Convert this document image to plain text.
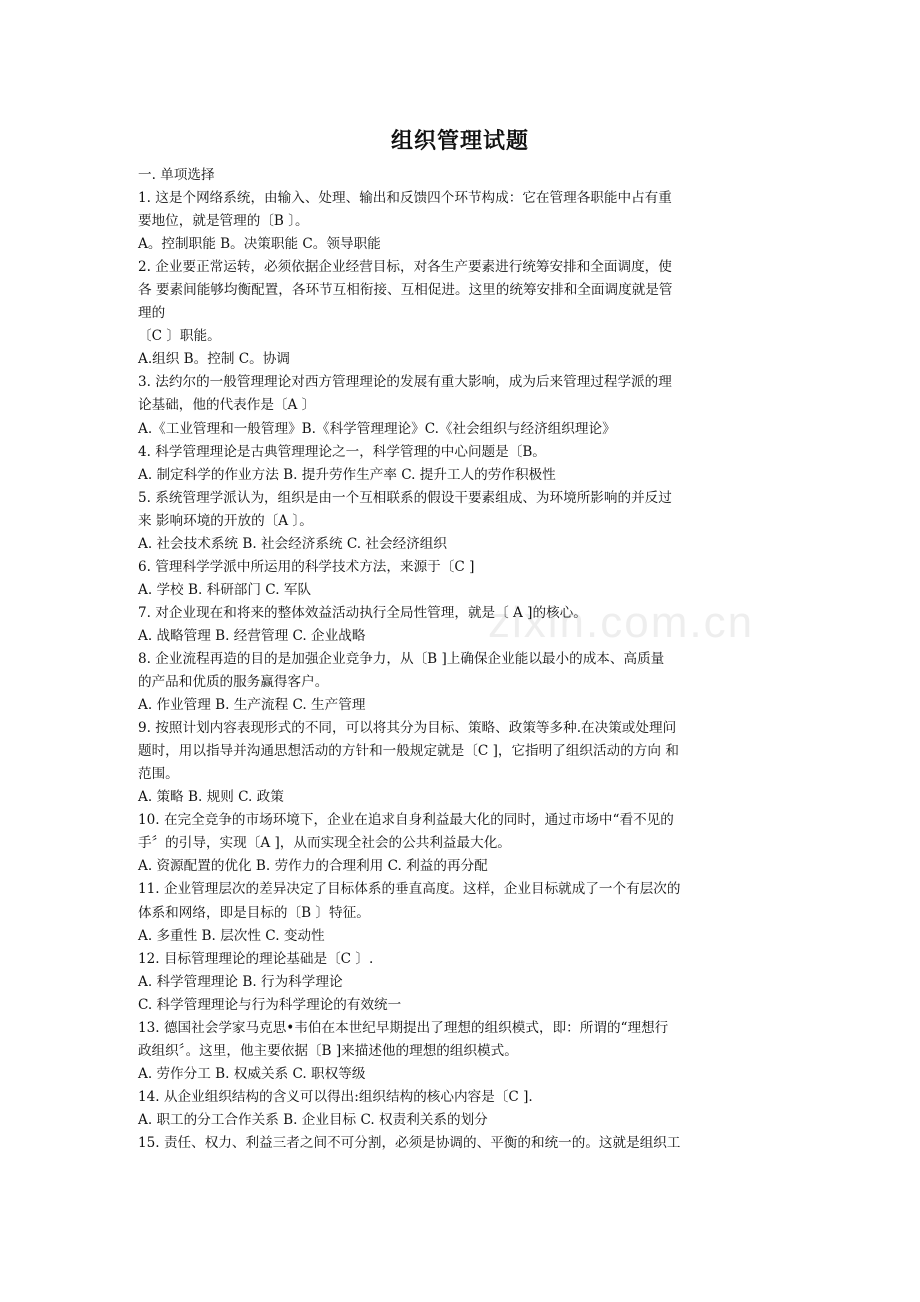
组织管理试题
zixin.com.cn
一. 单项选择
1. 这是个网络系统，由输入、处理、输出和反馈四个环节构成：它在管理各职能中占有重
要地位，就是管理的〔B 〕。
A。控制职能 B。决策职能 C。领导职能
2. 企业要正常运转，必须依据企业经营目标，对各生产要素进行统筹安排和全面调度，使
各 要素间能够均衡配置，各环节互相衔接、互相促进。这里的统筹安排和全面调度就是管
理的
〔C 〕职能。
A.组织 B。控制 C。协调
3. 法约尔的一般管理理论对西方管理理论的发展有重大影响，成为后来管理过程学派的理
论基础，他的代表作是〔A 〕
A.《工业管理和一般管理》B.《科学管理理论》C.《社会组织与经济组织理论》
4. 科学管理理论是古典管理理论之一，科学管理的中心问题是〔B。
A. 制定科学的作业方法 B. 提升劳作生产率 C. 提升工人的劳作积极性
5. 系统管理学派认为，组织是由一个互相联系的假设干要素组成、为环境所影响的并反过
来 影响环境的开放的〔A 〕。
A. 社会技术系统 B. 社会经济系统 C. 社会经济组织
6. 管理科学学派中所运用的科学技术方法，来源于〔C ]
A. 学校 B. 科研部门 C. 军队
7. 对企业现在和将来的整体效益活动执行全局性管理，就是〔 A ]的核心。
A. 战略管理 B. 经营管理 C. 企业战略
8. 企业流程再造的目的是加强企业竞争力，从〔B ]上确保企业能以最小的成本、高质量
的产品和优质的服务赢得客户。
A. 作业管理 B. 生产流程 C. 生产管理
9. 按照计划内容表现形式的不同，可以将其分为目标、策略、政策等多种.在决策或处理问
题时，用以指导并沟通思想活动的方针和一般规定就是〔C ]，它指明了组织活动的方向 和
范围。
A. 策略 B. 规则 C. 政策
10. 在完全竞争的市场环境下，企业在追求自身利益最大化的同时，通过市场中“看不见的
手〞的引导，实现〔A ]，从而实现全社会的公共利益最大化。
A. 资源配置的优化 B. 劳作力的合理利用 C. 利益的再分配
11. 企业管理层次的差异决定了目标体系的垂直高度。这样，企业目标就成了一个有层次的
体系和网络，即是目标的〔B 〕特征。
A. 多重性 B. 层次性 C. 变动性
12. 目标管理理论的理论基础是〔C 〕.
A. 科学管理理论 B. 行为科学理论
C. 科学管理理论与行为科学理论的有效统一
13. 德国社会学家马克思•韦伯在本世纪早期提出了理想的组织模式，即：所谓的“理想行
政组织〞。这里，他主要依据〔B ]来描述他的理想的组织模式。
A. 劳作分工 B. 权威关系 C. 职权等级
14. 从企业组织结构的含义可以得出:组织结构的核心内容是〔C ].
A. 职工的分工合作关系 B. 企业目标 C. 权责利关系的划分
15. 责任、权力、利益三者之间不可分割，必须是协调的、平衡的和统一的。这就是组织工
